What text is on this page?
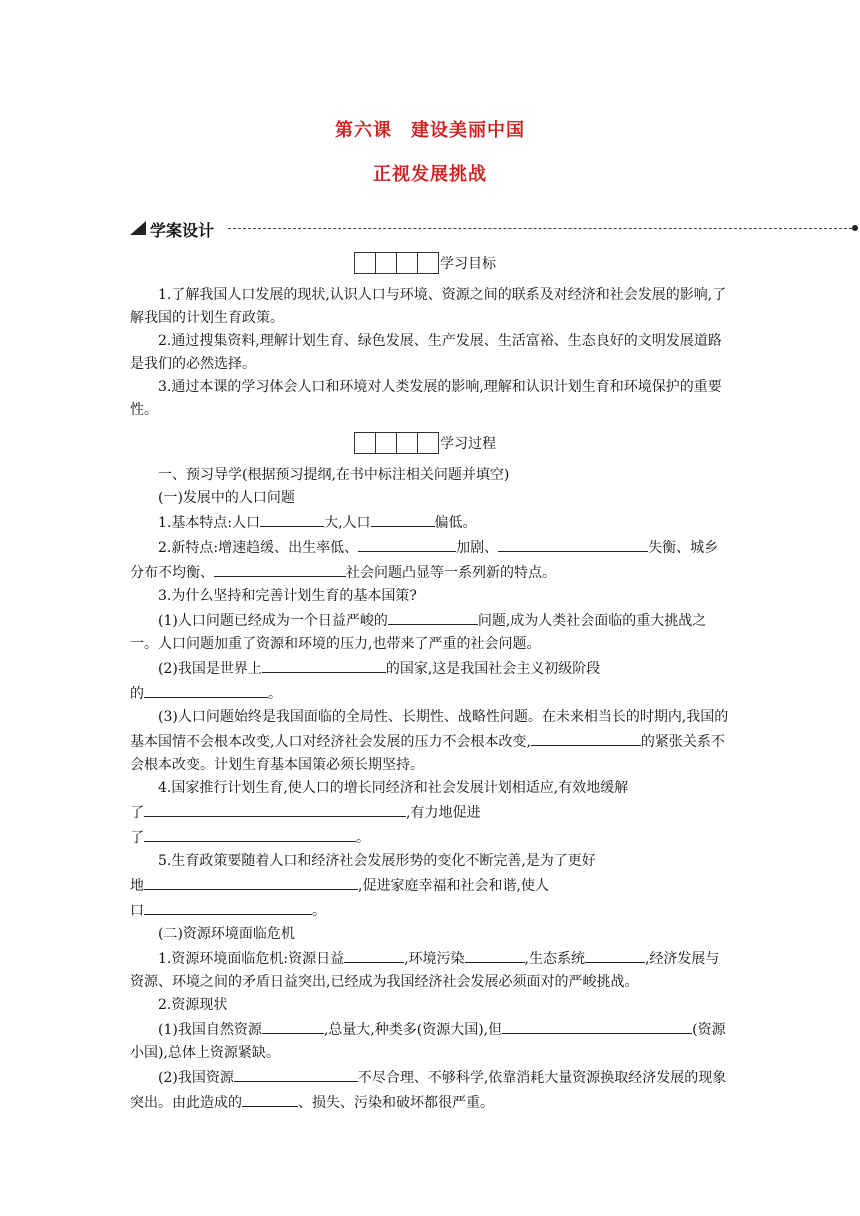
第六课　建设美丽中国
正视发展挑战
学案设计
学习目标

1.了解我国人口发展的现状,认识人口与环境、资源之间的联系及对经济和社会发展的影响,了解我国的计划生育政策。

2.通过搜集资料,理解计划生育、绿色发展、生产发展、生活富裕、生态良好的文明发展道路是我们的必然选择。

3.通过本课的学习体会人口和环境对人类发展的影响,理解和认识计划生育和环境保护的重要性。

学习过程

一、预习导学(根据预习提纲,在书中标注相关问题并填空)

(一)发展中的人口问题

1.基本特点:人口	大,人口	偏低。

2.新特点:增速趋缓、出生率低、	加剧、	失衡、城乡分布不均衡、	社会问题凸显等一系列新的特点。

3.为什么坚持和完善计划生育的基本国策?

(1)人口问题已经成为一个日益严峻的	问题,成为人类社会面临的重大挑战之一。人口问题加重了资源和环境的压力,也带来了严重的社会问题。

(2)我国是世界上	的国家,这是我国社会主义初级阶段

的	。

(3)人口问题始终是我国面临的全局性、长期性、战略性问题。在未来相当长的时期内,我国的基本国情不会根本改变,人口对经济社会发展的压力不会根本改变,	的紧张关系不会根本改变。计划生育基本国策必须长期坚持。

4.国家推行计划生育,使人口的增长同经济和社会发展计划相适应,有效地缓解

了	,有力地促进

了	。

5.生育政策要随着人口和经济社会发展形势的变化不断完善,是为了更好

地	,促进家庭幸福和社会和谐,使人

口	。

(二)资源环境面临危机

1.资源环境面临危机:资源日益	,环境污染	,生态系统	,经济发展与资源、环境之间的矛盾日益突出,已经成为我国经济社会发展必须面对的严峻挑战。

2.资源现状

(1)我国自然资源	,总量大,种类多(资源大国),但	(资源小国),总体上资源紧缺。

(2)我国资源	不尽合理、不够科学,依靠消耗大量资源换取经济发展的现象突出。由此造成的	、损失、污染和破坏都很严重。
